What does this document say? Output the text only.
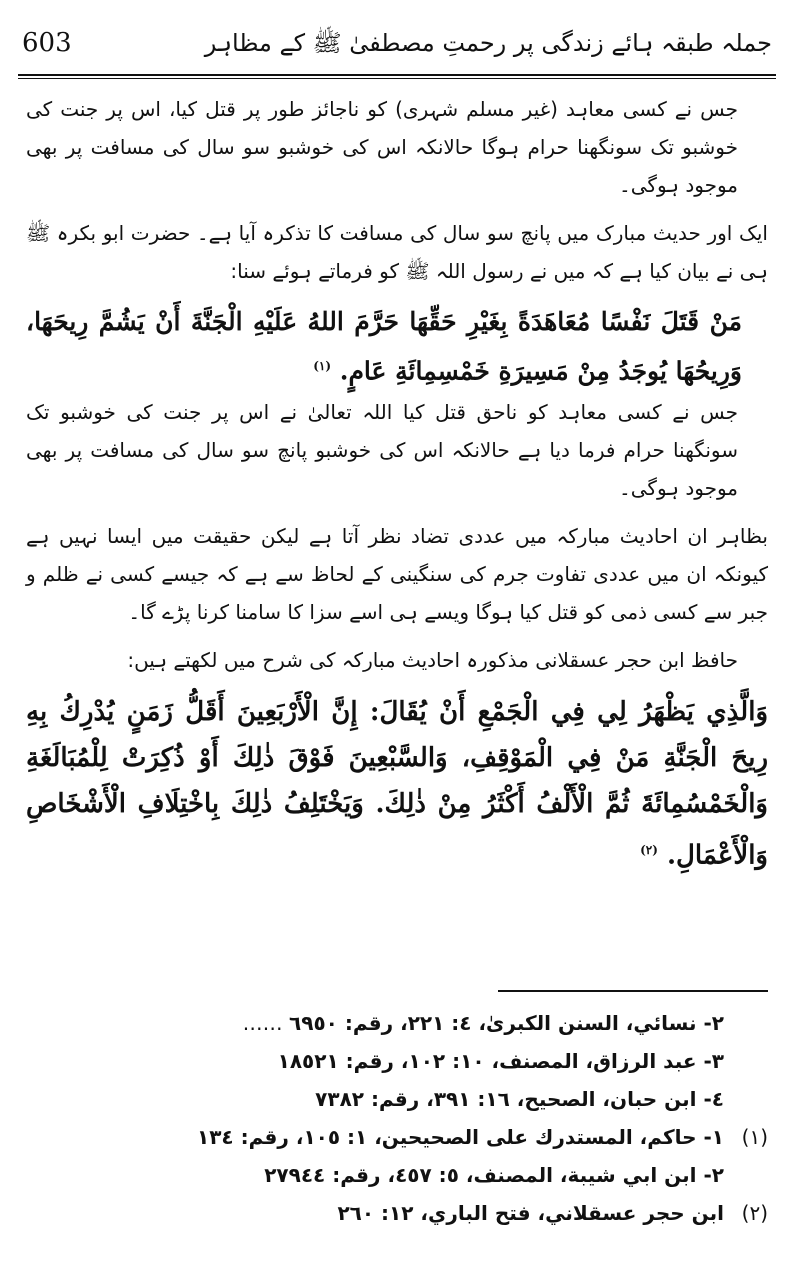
603	جملہ طبقہ ہائے زندگی پر رحمتِ مصطفیٰ ﷺ کے مظاہر

جس نے کسی معاہد (غیر مسلم شہری) کو ناجائز طور پر قتل کیا، اس پر جنت کی خوشبو تک سونگھنا حرام ہوگا حالانکہ اس کی خوشبو سو سال کی مسافت پر بھی موجود ہوگی۔

ایک اور حدیث مبارک میں پانچ سو سال کی مسافت کا تذکرہ آیا ہے۔ حضرت ابو بکرہ ﷺ ہی نے بیان کیا ہے کہ میں نے رسول اللہ ﷺ کو فرماتے ہوئے سنا:

مَنْ قَتَلَ نَفْسًا مُعَاهَدَةً بِغَيْرِ حَقِّهَا حَرَّمَ اللهُ عَلَيْهِ الْجَنَّةَ أَنْ يَشُمَّ رِيحَهَا، وَرِيحُهَا يُوجَدُ مِنْ مَسِيرَةِ خَمْسِمِائَةِ عَامٍ. $^{(١)}$

جس نے کسی معاہد کو ناحق قتل کیا اللہ تعالیٰ نے اس پر جنت کی خوشبو تک سونگھنا حرام فرما دیا ہے حالانکہ اس کی خوشبو پانچ سو سال کی مسافت پر بھی موجود ہوگی۔

بظاہر ان احادیث مبارکہ میں عددی تضاد نظر آتا ہے لیکن حقیقت میں ایسا نہیں ہے کیونکہ ان میں عددی تفاوت جرم کی سنگینی کے لحاظ سے ہے کہ جیسے کسی نے ظلم و جبر سے کسی ذمی کو قتل کیا ہوگا ویسے ہی اسے سزا کا سامنا کرنا پڑے گا۔

حافظ ابن حجر عسقلانی مذکورہ احادیث مبارکہ کی شرح میں لکھتے ہیں:

وَالَّذِي يَظْهَرُ لِي فِي الْجَمْعِ أَنْ يُقَالَ: إِنَّ الْأَرْبَعِينَ أَقَلُّ زَمَنٍ يُدْرِكُ بِهِ رِيحَ الْجَنَّةِ مَنْ فِي الْمَوْقِفِ، وَالسَّبْعِينَ فَوْقَ ذٰلِكَ أَوْ ذُكِرَتْ لِلْمُبَالَغَةِ وَالْخَمْسُمِائَةَ ثُمَّ الْأَلْفُ أَكْثَرُ مِنْ ذٰلِكَ. وَيَخْتَلِفُ ذٰلِكَ بِاخْتِلَافِ الْأَشْخَاصِ وَالْأَعْمَالِ. $^{(٢)}$

٢- نسائي، السنن الكبرىٰ، ٤: ٢٢١، رقم: ٦٩٥٠ ……
٣- عبد الرزاق، المصنف، ١٠: ١٠٢، رقم: ١٨٥٢١
٤- ابن حبان، الصحيح، ١٦: ٣٩١، رقم: ٧٣٨٢
(١)١- حاكم، المستدرك على الصحيحين، ١: ١٠٥، رقم: ١٣٤
٢- ابن ابي شيبة، المصنف، ٥: ٤٥٧، رقم: ٢٧٩٤٤
(٢)ابن حجر عسقلاني، فتح الباري، ١٢: ٢٦٠
